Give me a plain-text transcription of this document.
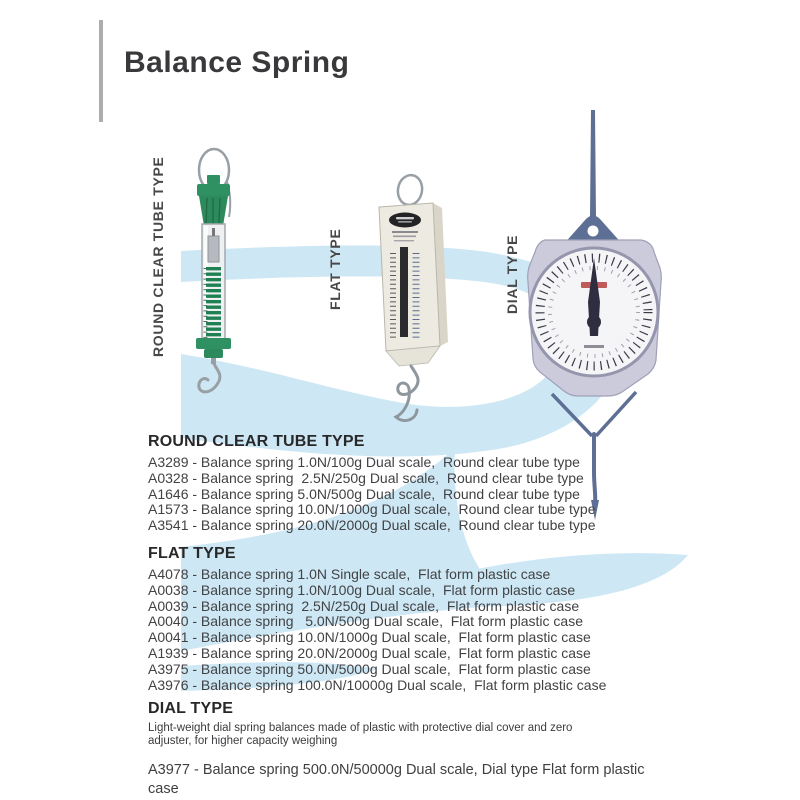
Balance Spring
ROUND CLEAR TUBE TYPE	FLAT TYPE	DIAL TYPE
ROUND CLEAR TUBE TYPE
A3289 - Balance spring 1.0N/100g Dual scale,  Round clear tube type
A0328 - Balance spring  2.5N/250g Dual scale,  Round clear tube type
A1646 - Balance spring 5.0N/500g Dual scale,  Round clear tube type
A1573 - Balance spring 10.0N/1000g Dual scale,  Round clear tube type
A3541 - Balance spring 20.0N/2000g Dual scale,  Round clear tube type
FLAT TYPE
A4078 - Balance spring 1.0N Single scale,  Flat form plastic case
A0038 - Balance spring 1.0N/100g Dual scale,  Flat form plastic case
A0039 - Balance spring  2.5N/250g Dual scale,  Flat form plastic case
A0040 - Balance spring   5.0N/500g Dual scale,  Flat form plastic case
A0041 - Balance spring 10.0N/1000g Dual scale,  Flat form plastic case
A1939 - Balance spring 20.0N/2000g Dual scale,  Flat form plastic case
A3975 - Balance spring 50.0N/5000g Dual scale,  Flat form plastic case
A3976 - Balance spring 100.0N/10000g Dual scale,  Flat form plastic case
DIAL TYPE
Light-weight dial spring balances made of plastic with protective dial cover and zero adjuster, for higher capacity weighing
A3977 - Balance spring 500.0N/50000g Dual scale, Dial type Flat form plastic case
